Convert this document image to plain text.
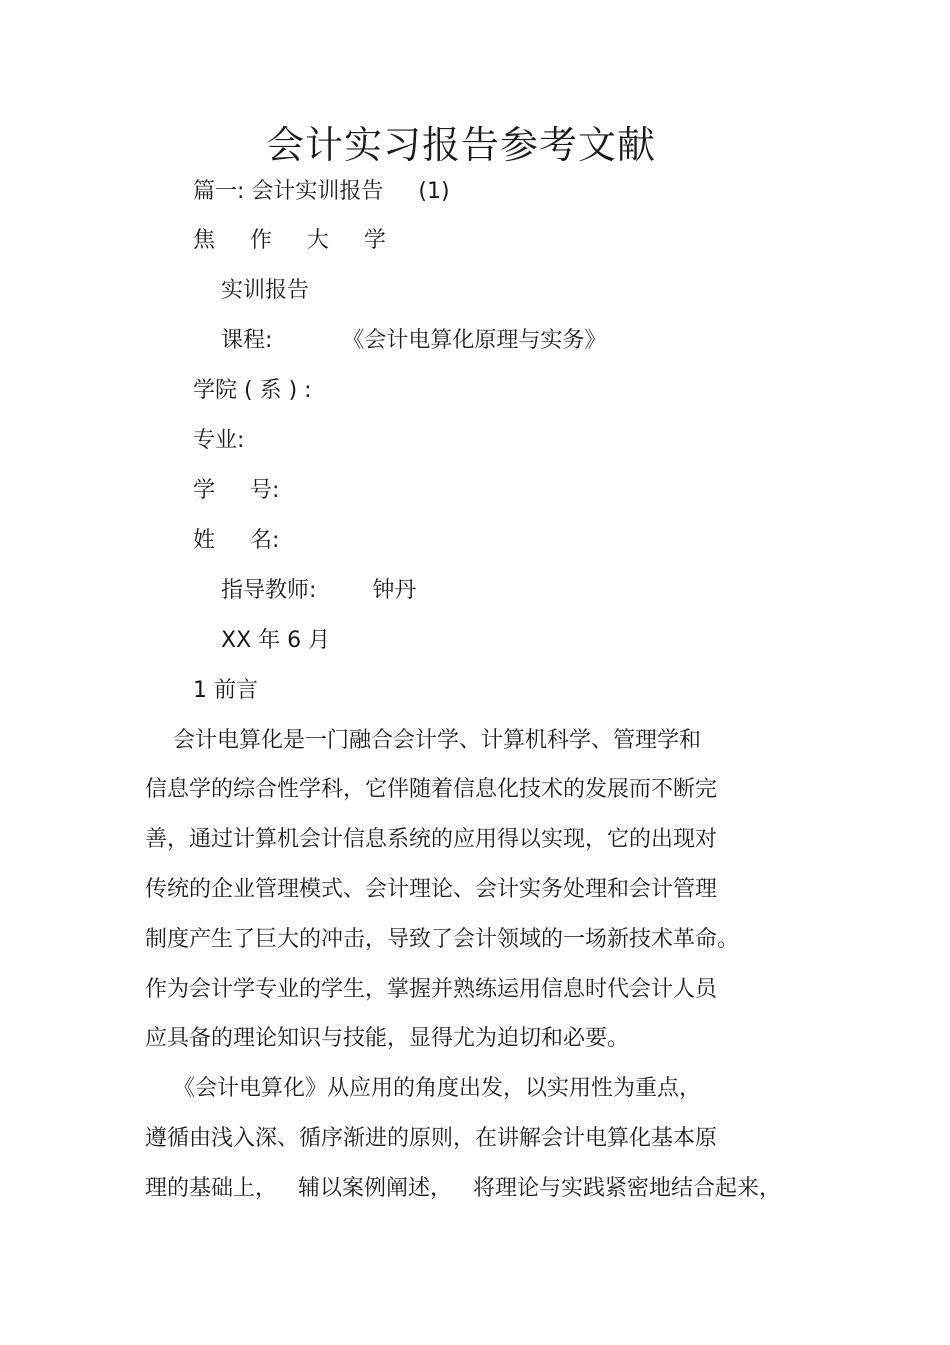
会计实习报告参考文献
篇一: 会计实训报告     (1)
焦     作     大     学
实训报告
课程:          《会计电算化原理与实务》
学院 ( 系 ) :
专业:
学     号:
姓     名:
指导教师:        钟丹
XX 年 6 月
1 前言
会计电算化是一门融合会计学、计算机科学、管理学和
信息学的综合性学科，它伴随着信息化技术的发展而不断完
善，通过计算机会计信息系统的应用得以实现，它的出现对
传统的企业管理模式、会计理论、会计实务处理和会计管理
制度产生了巨大的冲击，导致了会计领域的一场新技术革命。
作为会计学专业的学生，掌握并熟练运用信息时代会计人员
应具备的理论知识与技能，显得尤为迫切和必要。
《会计电算化》从应用的角度出发，以实用性为重点，
遵循由浅入深、循序渐进的原则，在讲解会计电算化基本原
理的基础上，   辅以案例阐述，   将理论与实践紧密地结合起来，
